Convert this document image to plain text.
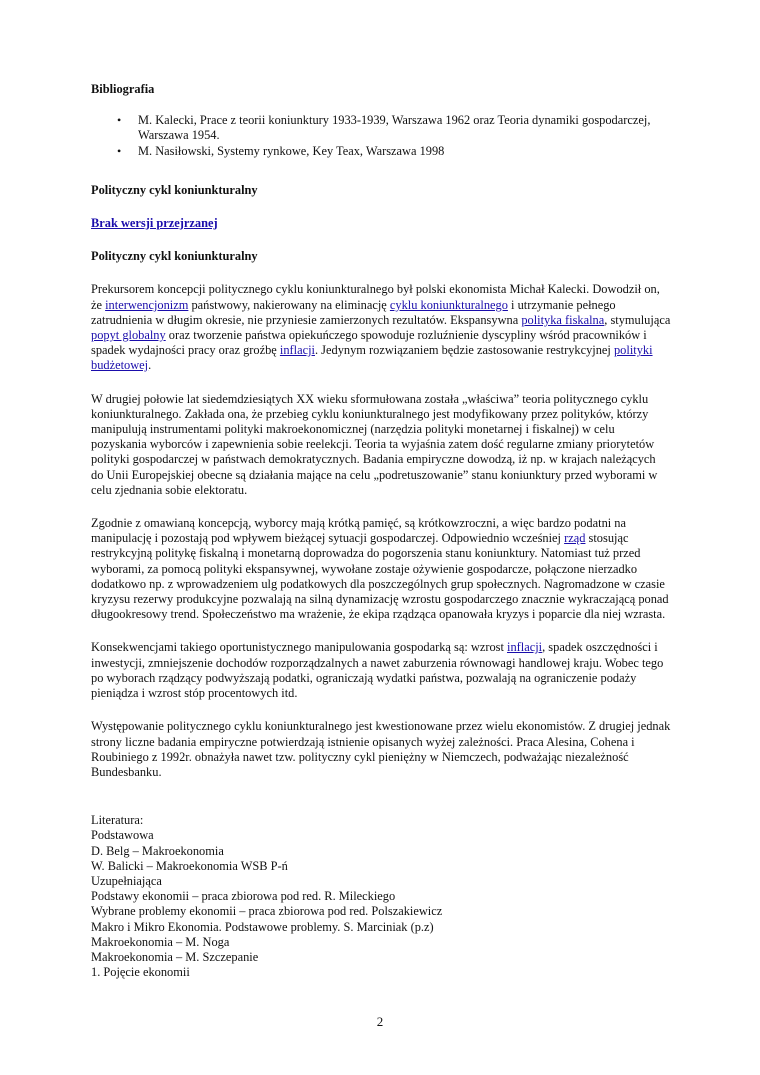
Bibliografia

• M. Kalecki, Prace z teorii koniunktury 1933-1939, Warszawa 1962 oraz Teoria dynamiki gospodarczej, Warszawa 1954.
• M. Nasiłowski, Systemy rynkowe, Key Teax, Warszawa 1998

Polityczny cykl koniunkturalny

Brak wersji przejrzanej

Polityczny cykl koniunkturalny

Prekursorem koncepcji politycznego cyklu koniunkturalnego był polski ekonomista Michał Kalecki. Dowodził on, że interwencjonizm państwowy, nakierowany na eliminację cyklu koniunkturalnego i utrzymanie pełnego zatrudnienia w długim okresie, nie przyniesie zamierzonych rezultatów. Ekspansywna polityka fiskalna, stymulująca popyt globalny oraz tworzenie państwa opiekuńczego spowoduje rozluźnienie dyscypliny wśród pracowników i spadek wydajności pracy oraz groźbę inflacji. Jedynym rozwiązaniem będzie zastosowanie restrykcyjnej polityki budżetowej.

W drugiej połowie lat siedemdziesiątych XX wieku sformułowana została „właściwa” teoria politycznego cyklu koniunkturalnego. Zakłada ona, że przebieg cyklu koniunkturalnego jest modyfikowany przez polityków, którzy manipulują instrumentami polityki makroekonomicznej (narzędzia polityki monetarnej i fiskalnej) w celu pozyskania wyborców i zapewnienia sobie reelekcji. Teoria ta wyjaśnia zatem dość regularne zmiany priorytetów polityki gospodarczej w państwach demokratycznych. Badania empiryczne dowodzą, iż np. w krajach należących do Unii Europejskiej obecne są działania mające na celu „podretuszowanie” stanu koniunktury przed wyborami w celu zjednania sobie elektoratu.

Zgodnie z omawianą koncepcją, wyborcy mają krótką pamięć, są krótkowzroczni, a więc bardzo podatni na manipulację i pozostają pod wpływem bieżącej sytuacji gospodarczej. Odpowiednio wcześniej rząd stosując restrykcyjną politykę fiskalną i monetarną doprowadza do pogorszenia stanu koniunktury. Natomiast tuż przed wyborami, za pomocą polityki ekspansywnej, wywołane zostaje ożywienie gospodarcze, połączone nierzadko dodatkowo np. z wprowadzeniem ulg podatkowych dla poszczególnych grup społecznych. Nagromadzone w czasie kryzysu rezerwy produkcyjne pozwalają na silną dynamizację wzrostu gospodarczego znacznie wykraczającą ponad długookresowy trend. Społeczeństwo ma wrażenie, że ekipa rządząca opanowała kryzys i poparcie dla niej wzrasta.

Konsekwencjami takiego oportunistycznego manipulowania gospodarką są: wzrost inflacji, spadek oszczędności i inwestycji, zmniejszenie dochodów rozporządzalnych a nawet zaburzenia równowagi handlowej kraju. Wobec tego po wyborach rządzący podwyższają podatki, ograniczają wydatki państwa, pozwalają na ograniczenie podaży pieniądza i wzrost stóp procentowych itd.

Występowanie politycznego cyklu koniunkturalnego jest kwestionowane przez wielu ekonomistów. Z drugiej jednak strony liczne badania empiryczne potwierdzają istnienie opisanych wyżej zależności. Praca Alesina, Cohena i Roubiniego z 1992r. obnażyła nawet tzw. polityczny cykl pieniężny w Niemczech, podważając niezależność Bundesbanku.

Literatura:
Podstawowa
D. Belg – Makroekonomia
W. Balicki – Makroekonomia WSB P-ń
Uzupełniająca
Podstawy ekonomii – praca zbiorowa pod red. R. Mileckiego
Wybrane problemy ekonomii – praca zbiorowa pod red. Polszakiewicz
Makro i Mikro Ekonomia. Podstawowe problemy. S. Marciniak (p.z)
Makroekonomia – M. Noga
Makroekonomia – M. Szczepanie
1. Pojęcie ekonomii
2
